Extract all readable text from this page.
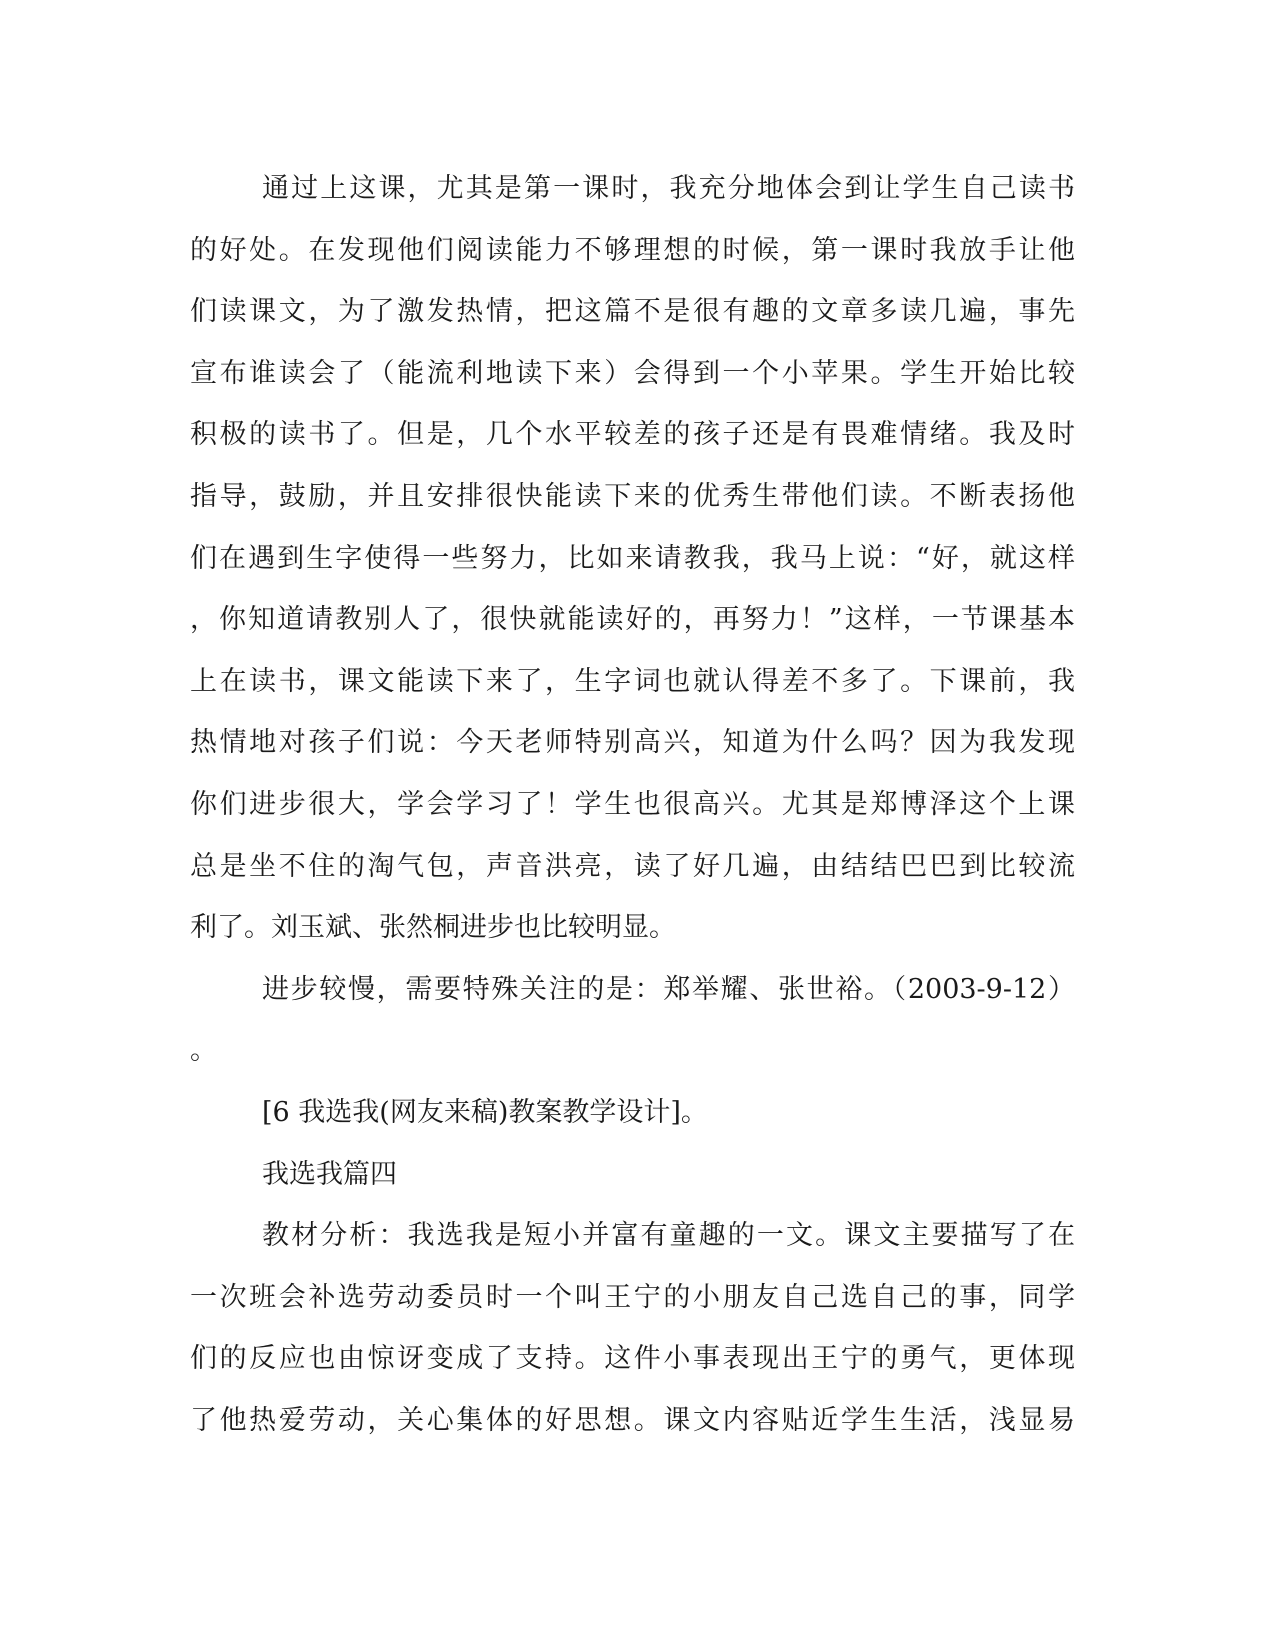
通过上这课，尤其是第一课时，我充分地体会到让学生自己读书
的好处。在发现他们阅读能力不够理想的时候，第一课时我放手让他
们读课文，为了激发热情，把这篇不是很有趣的文章多读几遍，事先
宣布谁读会了（能流利地读下来）会得到一个小苹果。学生开始比较
积极的读书了。但是，几个水平较差的孩子还是有畏难情绪。我及时
指导，鼓励，并且安排很快能读下来的优秀生带他们读。不断表扬他
们在遇到生字使得一些努力，比如来请教我，我马上说：“好，就这样
，你知道请教别人了，很快就能读好的，再努力！”这样，一节课基本
上在读书，课文能读下来了，生字词也就认得差不多了。下课前，我
热情地对孩子们说：今天老师特别高兴，知道为什么吗？因为我发现
你们进步很大，学会学习了！学生也很高兴。尤其是郑博泽这个上课
总是坐不住的淘气包，声音洪亮，读了好几遍，由结结巴巴到比较流
利了。刘玉斌、张然桐进步也比较明显。
进步较慢，需要特殊关注的是：郑举耀、张世裕。（2003-9-12）
。
[6 我选我(网友来稿)教案教学设计]。
我选我篇四
教材分析：我选我是短小并富有童趣的一文。课文主要描写了在
一次班会补选劳动委员时一个叫王宁的小朋友自己选自己的事，同学
们的反应也由惊讶变成了支持。这件小事表现出王宁的勇气，更体现
了他热爱劳动，关心集体的好思想。课文内容贴近学生生活，浅显易
